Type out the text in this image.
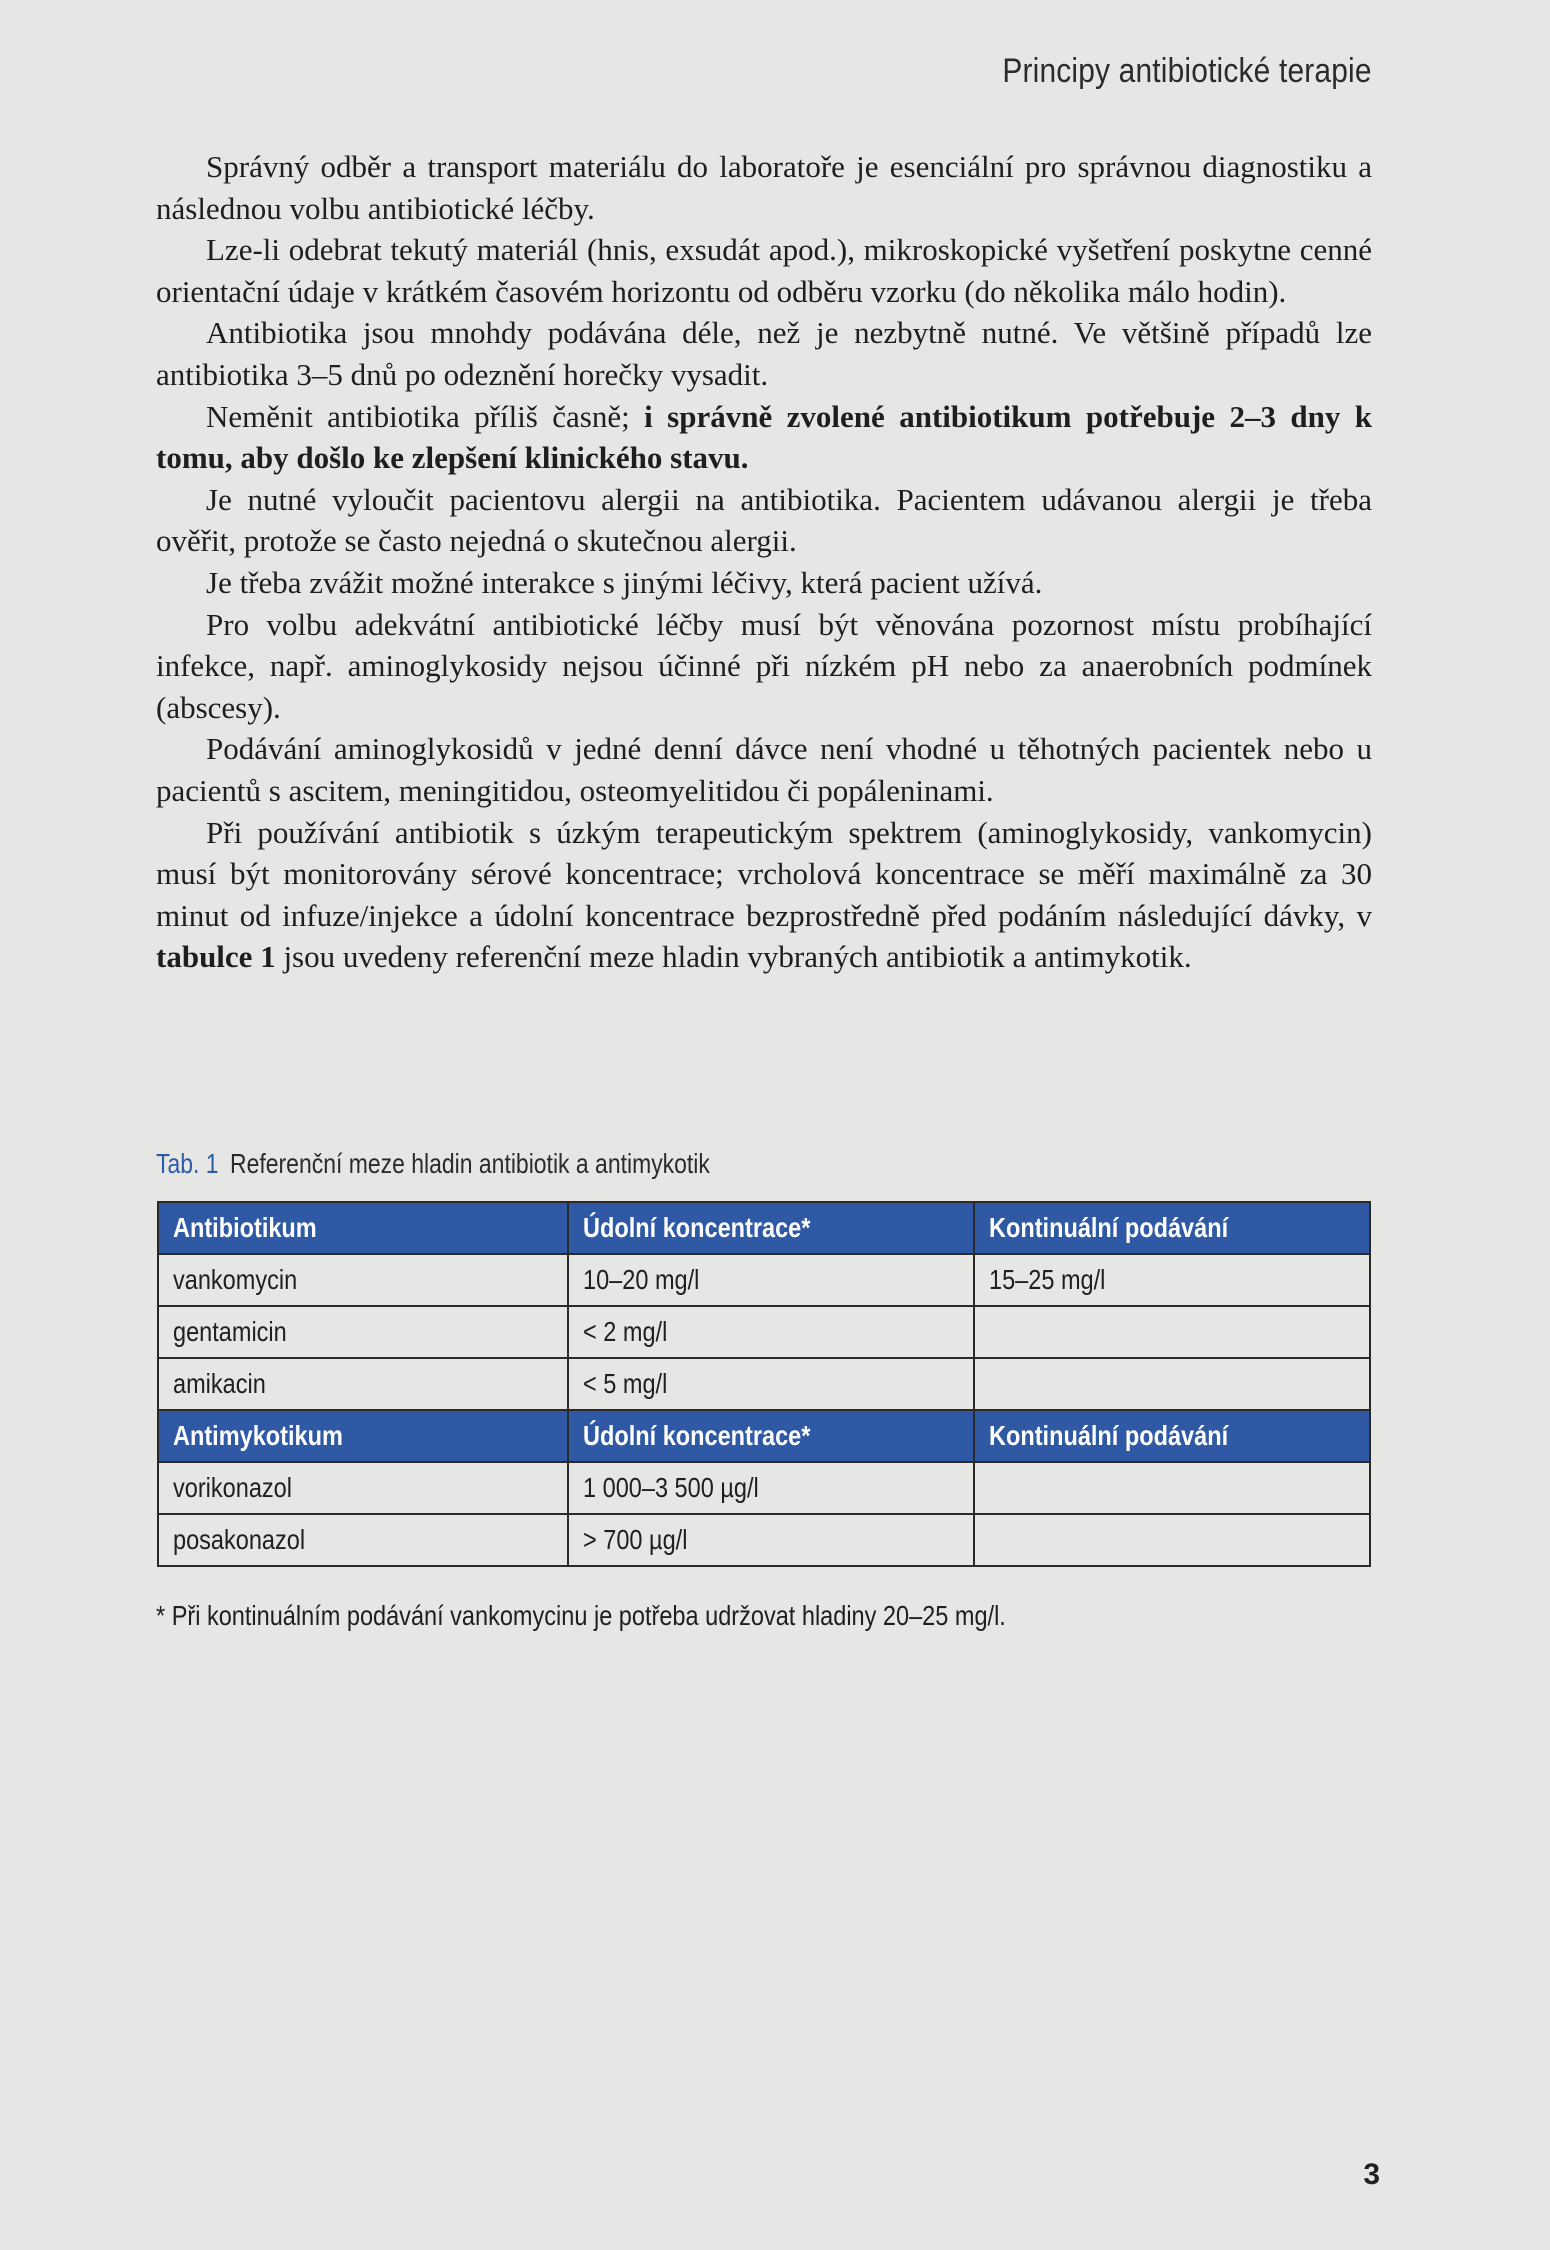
Principy antibiotické terapie

Správný odběr a transport materiálu do laboratoře je esenciální pro správnou diagnostiku a následnou volbu antibiotické léčby.

Lze-li odebrat tekutý materiál (hnis, exsudát apod.), mikroskopické vyšetření poskytne cenné orientační údaje v krátkém časovém horizontu od odběru vzorku (do několika málo hodin).

Antibiotika jsou mnohdy podávána déle, než je nezbytně nutné. Ve většině případů lze antibiotika 3–5 dnů po odeznění horečky vysadit.

Neměnit antibiotika příliš časně; i správně zvolené antibiotikum potřebuje 2–3 dny k tomu, aby došlo ke zlepšení klinického stavu.

Je nutné vyloučit pacientovu alergii na antibiotika. Pacientem udávanou alergii je třeba ověřit, protože se často nejedná o skutečnou alergii.

Je třeba zvážit možné interakce s jinými léčivy, která pacient užívá.

Pro volbu adekvátní antibiotické léčby musí být věnována pozornost místu probíhající infekce, např. aminoglykosidy nejsou účinné při nízkém pH nebo za anaerobních podmínek (abscesy).

Podávání aminoglykosidů v jedné denní dávce není vhodné u těhotných pacientek nebo u pacientů s ascitem, meningitidou, osteomyelitidou či popáleninami.

Při používání antibiotik s úzkým terapeutickým spektrem (aminoglykosidy, vankomycin) musí být monitorovány sérové koncentrace; vrcholová koncentrace se měří maximálně za 30 minut od infuze/injekce a údolní koncentrace bezprostředně před podáním následující dávky, v tabulce 1 jsou uvedeny referenční meze hladin vybraných antibiotik a antimykotik.

Tab. 1 Referenční meze hladin antibiotik a antimykotik
Antibiotikum	Údolní koncentrace*	Kontinuální podávání
vankomycin	10–20 mg/l	15–25 mg/l
gentamicin	< 2 mg/l	
amikacin	< 5 mg/l	
Antimykotikum	Údolní koncentrace*	Kontinuální podávání
vorikonazol	1 000–3 500 µg/l	
posakonazol	> 700 µg/l	
* Při kontinuálním podávání vankomycinu je potřeba udržovat hladiny 20–25 mg/l.
3
